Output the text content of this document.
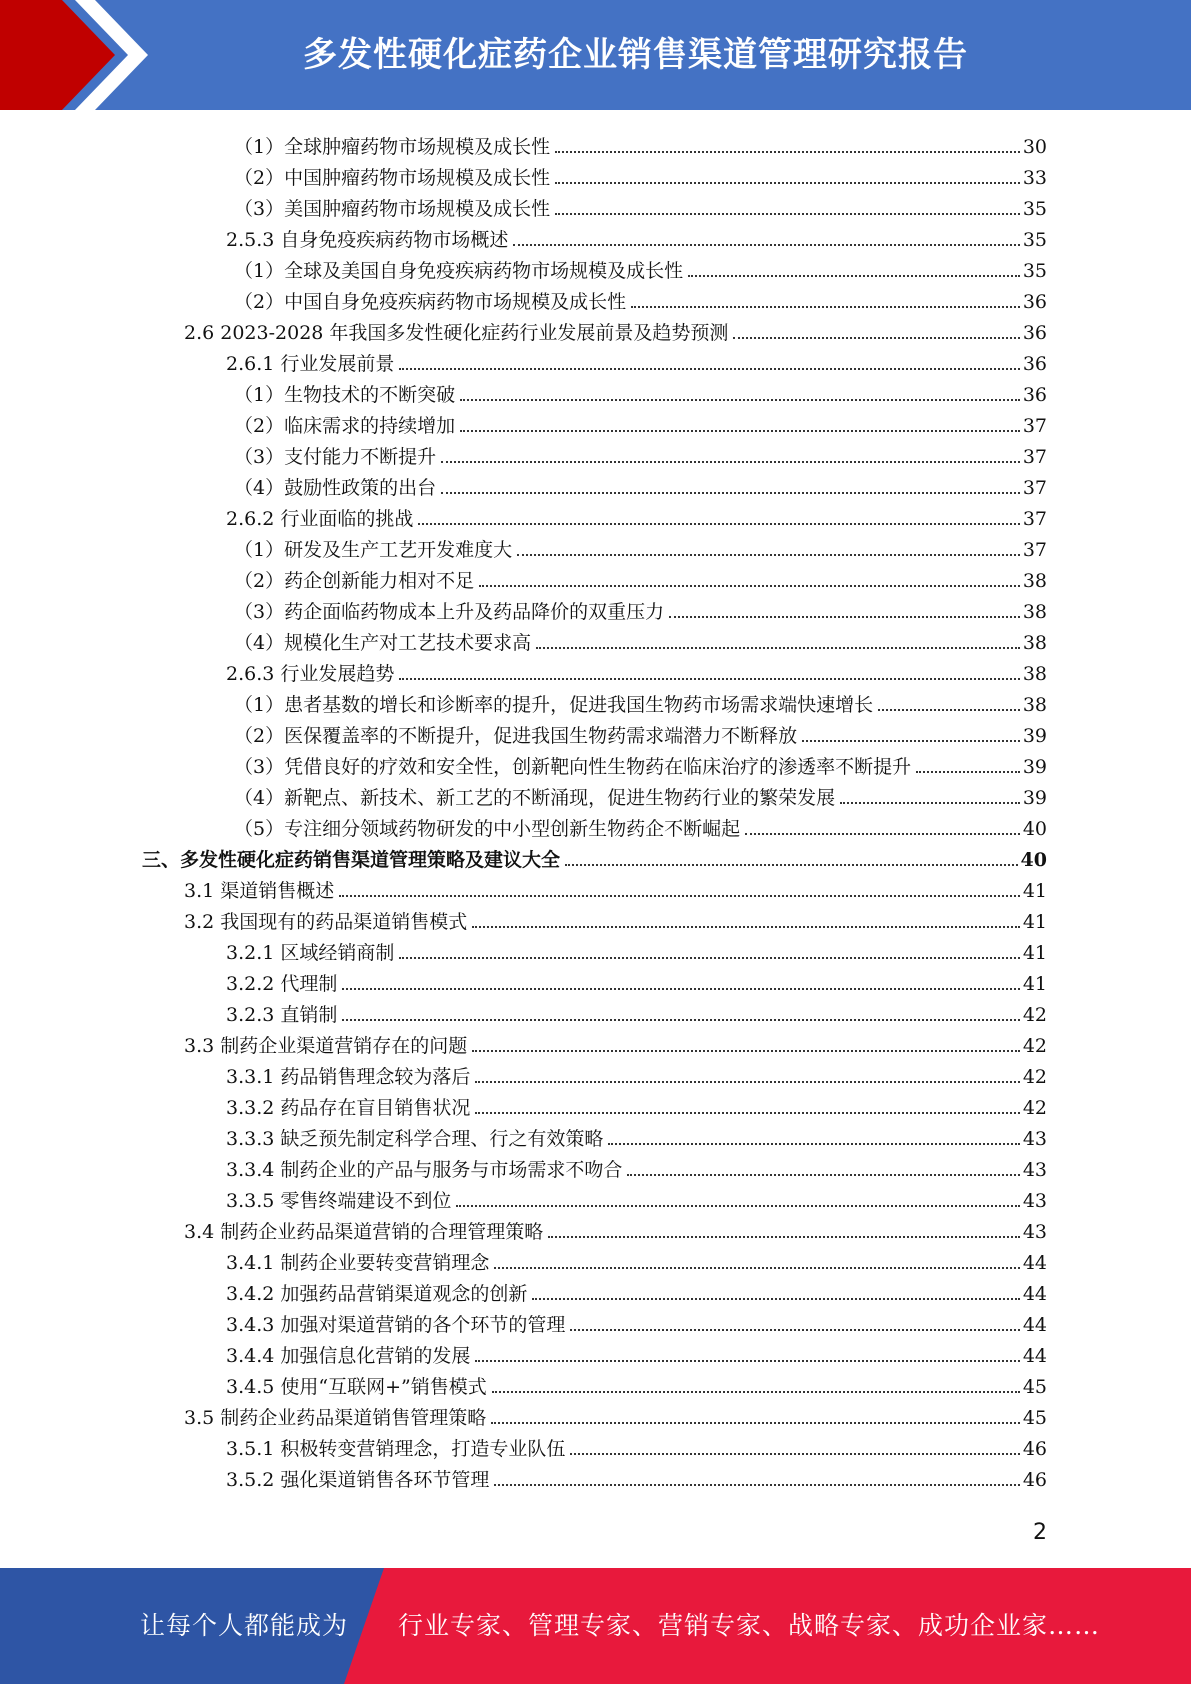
多发性硬化症药企业销售渠道管理研究报告
（1）全球肿瘤药物市场规模及成长性	30
（2）中国肿瘤药物市场规模及成长性	33
（3）美国肿瘤药物市场规模及成长性	35
2.5.3 自身免疫疾病药物市场概述	35
（1）全球及美国自身免疫疾病药物市场规模及成长性	35
（2）中国自身免疫疾病药物市场规模及成长性	36
2.6 2023-2028 年我国多发性硬化症药行业发展前景及趋势预测	36
2.6.1 行业发展前景	36
（1）生物技术的不断突破	36
（2）临床需求的持续增加	37
（3）支付能力不断提升	37
（4）鼓励性政策的出台	37
2.6.2 行业面临的挑战	37
（1）研发及生产工艺开发难度大	37
（2）药企创新能力相对不足	38
（3）药企面临药物成本上升及药品降价的双重压力	38
（4）规模化生产对工艺技术要求高	38
2.6.3 行业发展趋势	38
（1）患者基数的增长和诊断率的提升，促进我国生物药市场需求端快速增长	38
（2）医保覆盖率的不断提升，促进我国生物药需求端潜力不断释放	39
（3）凭借良好的疗效和安全性，创新靶向性生物药在临床治疗的渗透率不断提升	39
（4）新靶点、新技术、新工艺的不断涌现，促进生物药行业的繁荣发展	39
（5）专注细分领域药物研发的中小型创新生物药企不断崛起	40
三、多发性硬化症药销售渠道管理策略及建议大全	40
3.1 渠道销售概述	41
3.2 我国现有的药品渠道销售模式	41
3.2.1 区域经销商制	41
3.2.2 代理制	41
3.2.3 直销制	42
3.3 制药企业渠道营销存在的问题	42
3.3.1 药品销售理念较为落后	42
3.3.2 药品存在盲目销售状况	42
3.3.3 缺乏预先制定科学合理、行之有效策略	43
3.3.4 制药企业的产品与服务与市场需求不吻合	43
3.3.5 零售终端建设不到位	43
3.4 制药企业药品渠道营销的合理管理策略	43
3.4.1 制药企业要转变营销理念	44
3.4.2 加强药品营销渠道观念的创新	44
3.4.3 加强对渠道营销的各个环节的管理	44
3.4.4 加强信息化营销的发展	44
3.4.5 使用“互联网+”销售模式	45
3.5 制药企业药品渠道销售管理策略	45
3.5.1 积极转变营销理念，打造专业队伍	46
3.5.2 强化渠道销售各环节管理	46
2
让每个人都能成为 行业专家、管理专家、营销专家、战略专家、成功企业家……
